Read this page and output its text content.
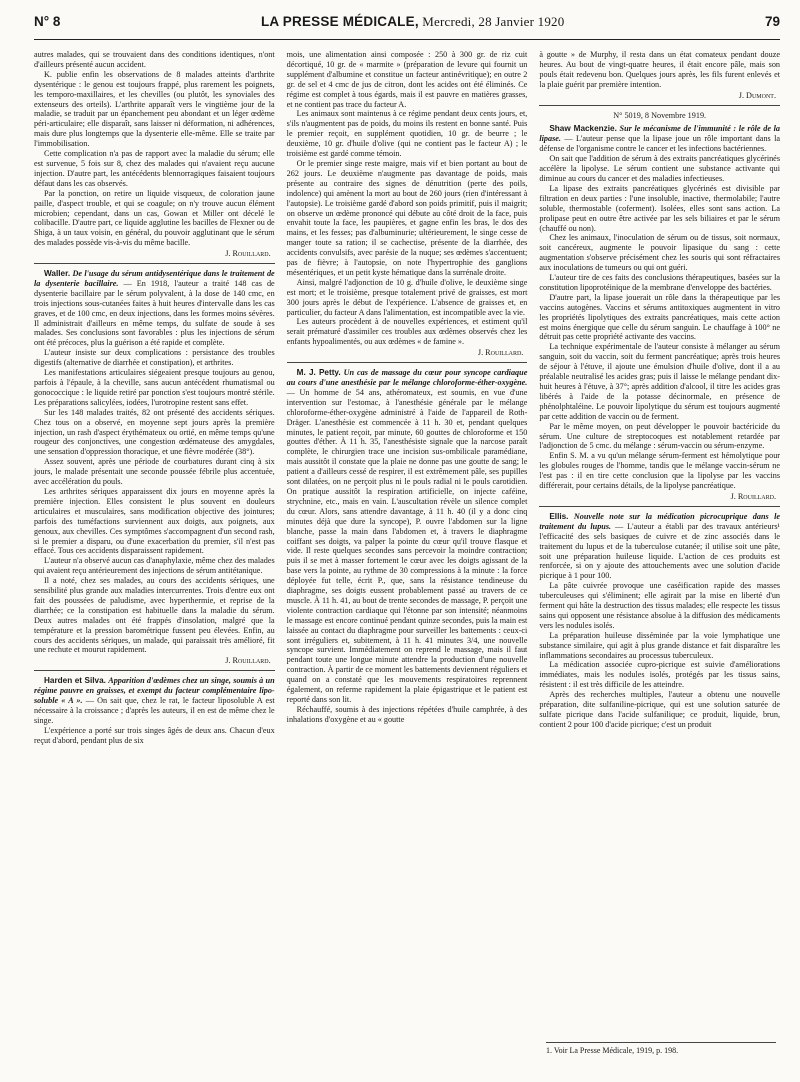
N° 8	LA PRESSE MÉDICALE, Mercredi, 28 Janvier 1920	79

autres malades, qui se trouvaient dans des conditions identiques, n'ont d'ailleurs présenté aucun accident.

K. publie enfin les observations de 8 malades atteints d'arthrite dysentérique : le genou est toujours frappé, plus rarement les poignets, les temporo-maxillaires, et les chevilles (ou plutôt, les synoviales des extenseurs des orteils). L'arthrite apparaît vers le vingtième jour de la maladie, se traduit par un épanchement peu abondant et un léger œdème péri-articulaire; elle disparaît, sans laisser ni déformation, ni adhérences, mais dure plus longtemps que la dysenterie elle-même. Elle se traite par l'immobilisation.

Cette complication n'a pas de rapport avec la maladie du sérum; elle est survenue, 5 fois sur 8, chez des malades qui n'avaient reçu aucune injection. D'autre part, les antécédents blennorragiques faisaient toujours défaut dans les cas observés.

Par la ponction, on retire un liquide visqueux, de coloration jaune paille, d'aspect trouble, et qui se coagule; on n'y trouve aucun élément microbien; cependant, dans un cas, Gowan et Miller ont décelé le colibacille. D'autre part, ce liquide agglutine les bacilles de Flexner ou de Shiga, à un taux voisin, en général, du pouvoir agglutinant que le sérum des malades possède vis-à-vis du même bacille.

J. Rouillard.

Waller. De l'usage du sérum antidysentérique dans le traitement de la dysenterie bacillaire. — En 1918, l'auteur a traité 148 cas de dysenterie bacillaire par le sérum polyvalent, à la dose de 140 cmc, en trois injections sous-cutanées faites à huit heures d'intervalle dans les cas graves, et de 100 cmc, en deux injections, dans les formes moins sévères. Il administrait d'ailleurs en même temps, du sulfate de soude à ses malades. Ses conclusions sont favorables : plus les injections de sérum ont été précoces, plus la guérison a été rapide et complète.

L'auteur insiste sur deux complications : persistance des troubles digestifs (alternative de diarrhée et constipation), et arthrites.

Les manifestations articulaires siégeaient presque toujours au genou, parfois à l'épaule, à la cheville, sans aucun antécédent rhumatismal ou gonococcique : le liquide retiré par ponction s'est toujours montré stérile. Les préparations salicylées, iodées, l'urotropine restent sans effet.

Sur les 148 malades traités, 82 ont présenté des accidents sériques. Chez tous on a observé, en moyenne sept jours après la première injection, un rash d'aspect érythémateux ou ortié, en même temps qu'une rougeur des conjonctives, une congestion œdémateuse des amygdales, une sensation d'oppression thoracique, et une fièvre modérée (38°).

Assez souvent, après une période de courbatures durant cinq à six jours, le malade présentait une seconde poussée fébrile plus accentuée, avec accélération du pouls.

Les arthrites sériques apparaissent dix jours en moyenne après la première injection. Elles consistent le plus souvent en douleurs articulaires et musculaires, sans modification objective des jointures; parfois des tuméfactions surviennent aux doigts, aux poignets, aux genoux, aux chevilles. Ces symptômes s'accompagnent d'un second rash, si le premier a disparu, ou d'une exacerbation du premier, s'il n'est pas effacé. Tous ces accidents disparaissent rapidement.

L'auteur n'a observé aucun cas d'anaphylaxie, même chez des malades qui avaient reçu antérieurement des injections de sérum antitétanique.

Il a noté, chez ses malades, au cours des accidents sériques, une sensibilité plus grande aux maladies intercurrentes. Trois d'entre eux ont fait des poussées de paludisme, avec hyperthermie, et reprise de la diarrhée; ce la constipation est habituelle dans la maladie du sérum. Deux autres malades ont été frappés d'insolation, malgré que la température et la pression barométrique fussent peu élevées. Enfin, au cours des accidents sériques, un malade, qui paraissait très amélioré, fit une rechute et mourut rapidement.

J. Rouillard.

Harden et Silva. Apparition d'œdèmes chez un singe, soumis à un régime pauvre en graisses, et exempt du facteur complémentaire lipo-soluble « A ». — On sait que, chez le rat, le facteur liposoluble A est nécessaire à la croissance ; d'après les auteurs, il en est de même chez le singe.

L'expérience a porté sur trois singes âgés de deux ans. Chacun d'eux reçut d'abord, pendant plus de six

mois, une alimentation ainsi composée : 250 à 300 gr. de riz cuit décortiqué, 10 gr. de « marmite » (préparation de levure qui fournit un supplément d'albumine et constitue un facteur antinévritique); en outre 2 gr. de sel et 4 cmc de jus de citron, dont les acides ont été éliminés. Ce régime est complet à tous égards, mais il est pauvre en matières grasses, et ne contient pas trace du facteur A.

Les animaux sont maintenus à ce régime pendant deux cents jours, et, s'ils n'augmentent pas de poids, du moins ils restent en bonne santé. Puis le premier reçoit, en supplément quotidien, 10 gr. de beurre ; le deuxième, 10 gr. d'huile d'olive (qui ne contient pas le facteur A) ; le troisième est gardé comme témoin.

Or le premier singe reste maigre, mais vif et bien portant au bout de 262 jours. Le deuxième n'augmente pas davantage de poids, mais présente au contraire des signes de dénutrition (perte des poils, indolence) qui amènent la mort au bout de 260 jours (rien d'intéressant à l'autopsie). Le troisième gardé d'abord son poids primitif, puis il maigrit; on observe un œdème prononcé qui débute au côté droit de la face, puis envahit toute la face, les paupières, et gagne enfin les bras, le dos des mains, et les fesses; pas d'albuminurie; ultérieurement, le singe cesse de manger toute sa ration; il se cachectise, présente de la diarrhée, des accidents convulsifs, avec parésie de la nuque; ses œdèmes s'accentuent; pas de fièvre; à l'autopsie, on note l'hypertrophie des ganglions mésentériques, et un petit kyste hématique dans la surrénale droite.

Ainsi, malgré l'adjonction de 10 g. d'huile d'olive, le deuxième singe est mort; et le troisième, presque totalement privé de graisses, est mort 300 jours après le début de l'expérience. L'absence de graisses et, en particulier, du facteur A dans l'alimentation, est incompatible avec la vie.

Les auteurs procèdent à de nouvelles expériences, et estiment qu'il serait prématuré d'assimiler ces troubles aux œdèmes observés chez les enfants hypoalimentés, ou aux œdèmes « de famine ».

J. Rouillard.

M. J. Petty. Un cas de massage du cœur pour syncope cardiaque au cours d'une anesthésie par le mélange chloroforme-éther-oxygène. — Un homme de 54 ans, athéromateux, est soumis, en vue d'une intervention sur l'estomac, à l'anesthésie générale par le mélange chloroforme-éther-oxygène administré à l'aide de l'appareil de Roth-Dräger. L'anesthésie est commencée à 11 h. 30 et, pendant quelques minutes, le patient reçoit, par minute, 60 gouttes de chloroforme et 150 gouttes d'éther. À 11 h. 35, l'anesthésiste signale que la narcose paraît complète, le chirurgien trace une incision sus-ombilicale paramédiane, mais aussitôt il constate que la plaie ne donne pas une goutte de sang; le patient a d'ailleurs cessé de respirer, il est extrêmement pâle, ses pupilles sont dilatées, on ne perçoit plus ni le pouls radial ni le pouls carotidien. On pratique aussitôt la respiration artificielle, on injecte caféine, strychnine, etc., mais en vain. L'auscultation révèle un silence complet du cœur. Alors, sans attendre davantage, à 11 h. 40 (il y a donc cinq minutes déjà que dure la syncope), P. ouvre l'abdomen sur la ligne blanche, passe la main dans l'abdomen et, à travers le diaphragme coiffant ses doigts, va palper la pointe du cœur qu'il trouve flasque et vide. Il reste quelques secondes sans percevoir la moindre contraction; puis il se met à masser fortement le cœur avec les doigts agissant de la base vers la pointe, au rythme de 30 compressions à la minute : la force déployée fut telle, écrit P., que, sans la résistance tendineuse du diaphragme, ses doigts eussent probablement passé au travers de ce muscle. À 11 h. 41, au bout de trente secondes de massage, P. perçoit une violente contraction cardiaque qui l'étonne par son intensité; néanmoins le massage est encore continué pendant quinze secondes, puis la main est laissée au contact du diaphragme pour surveiller les battements : ceux-ci sont irréguliers et, subitement, à 11 h. 41 minutes 3/4, une nouvelle syncope survient. Immédiatement on reprend le massage, mais il faut pendant toute une longue minute attendre la production d'une nouvelle contraction. À partir de ce moment les battements deviennent réguliers et quand on a constaté que les mouvements respiratoires reprennent également, on referme rapidement la plaie épigastrique et le patient est reporté dans son lit.

Réchauffé, soumis à des injections répétées d'huile camphrée, à des inhalations d'oxygène et au « goutte

à goutte » de Murphy, il resta dans un état comateux pendant douze heures. Au bout de vingt-quatre heures, il était encore pâle, mais son pouls était redevenu bon. Quelques jours après, les fils furent enlevés et la plaie guérit par première intention.

J. Dumont.
N° 5019, 8 Novembre 1919.

Shaw Mackenzie. Sur le mécanisme de l'immunité : le rôle de la lipase. — L'auteur pense que la lipase joue un rôle important dans la défense de l'organisme contre le cancer et les infections bactériennes.

On sait que l'addition de sérum à des extraits pancréatiques glycérinés accélère la lipolyse. Le sérum contient une substance activante qui diminue au cours du cancer et des maladies infectieuses.

La lipase des extraits pancréatiques glycérinés est divisible par filtration en deux parties : l'une insoluble, inactive, thermolabile; l'autre soluble, thermostable (coferment). Isolées, elles sont sans action. La prolipase peut en outre être activée par les sels biliaires et par le sérum (chauffé ou non).

Chez les animaux, l'inoculation de sérum ou de tissus, soit normaux, soit cancéreux, augmente le pouvoir lipasique du sang : cette augmentation s'observe précisément chez les souris qui sont réfractaires aux inoculations de tumeurs ou qui ont guéri.

L'auteur tire de ces faits des conclusions thérapeutiques, basées sur la constitution lipoprotéinique de la membrane d'enveloppe des bactéries.

D'autre part, la lipase jouerait un rôle dans la thérapeutique par les vaccins autogènes. Vaccins et sérums antitoxiques augmentent in vitro les propriétés lipolytiques des extraits pancréatiques, mais cette action est moins énergique que celle du sérum sanguin. Le chauffage à 100° ne détruit pas cette propriété activante des vaccins.

La technique expérimentale de l'auteur consiste à mélanger au sérum sanguin, soit du vaccin, soit du ferment pancréatique; après trois heures de séjour à l'étuve, il ajoute une émulsion d'huile d'olive, dont il a au préalable neutralisé les acides gras; puis il laisse le mélange pendant dix-huit heures à l'étuve, à 37°; après addition d'alcool, il titre les acides gras libérés à l'aide de la potasse décinormale, en présence de phénolphtaléine. Le pouvoir lipolytique du sérum est toujours augmenté par cette addition de vaccin ou de ferment.

Par le même moyen, on peut développer le pouvoir bactéricide du sérum. Une culture de streptocoques est notablement retardée par l'adjonction de 5 cmc. du mélange : sérum-vaccin ou sérum-enzyme.

Enfin S. M. a vu qu'un mélange sérum-ferment est hémolytique pour les globules rouges de l'homme, tandis que le mélange vaccin-sérum ne l'est pas : il en tire cette conclusion que la lipolyse par les vaccins différerait, pour certains détails, de la lipolyse pancréatique.

J. Rouillard.

Ellis. Nouvelle note sur la médication picrocuprique dans le traitement du lupus. — L'auteur a établi par des travaux antérieurs¹ l'efficacité des sels basiques de cuivre et de zinc associés dans le traitement du lupus et de la tuberculose cutanée; il utilise soit une pâte, soit une préparation huileuse liquide. L'action de ces produits est renforcée, si on y ajoute des attouchements avec une solution d'acide picrique à 1 pour 100.

La pâte cuivrée provoque une caséification rapide des masses tuberculeuses qui s'éliminent; elle agirait par la mise en liberté d'un ferment qui hâte la destruction des tissus malades; elle respecte les tissus sains qui opposent une résistance absolue à la diffusion des médicaments vers les nodules isolés.

La préparation huileuse disséminée par la voie lymphatique une substance similaire, qui agit à plus grande distance et fait disparaître les inflammations secondaires au processus tuberculeux.

La médication associée cupro-picrique est suivie d'améliorations immédiates, mais les nodules isolés, protégés par les tissus sains, résistent : il est très difficile de les atteindre.

Après des recherches multiples, l'auteur a obtenu une nouvelle préparation, dite sulfaniline-picrique, qui est une solution saturée de sulfate picrique dans l'acide sulfanilique; ce produit, liquide, brun, contient 2 pour 100 d'acide picrique; c'est un produit

1. Voir La Presse Médicale, 1919, p. 198.
